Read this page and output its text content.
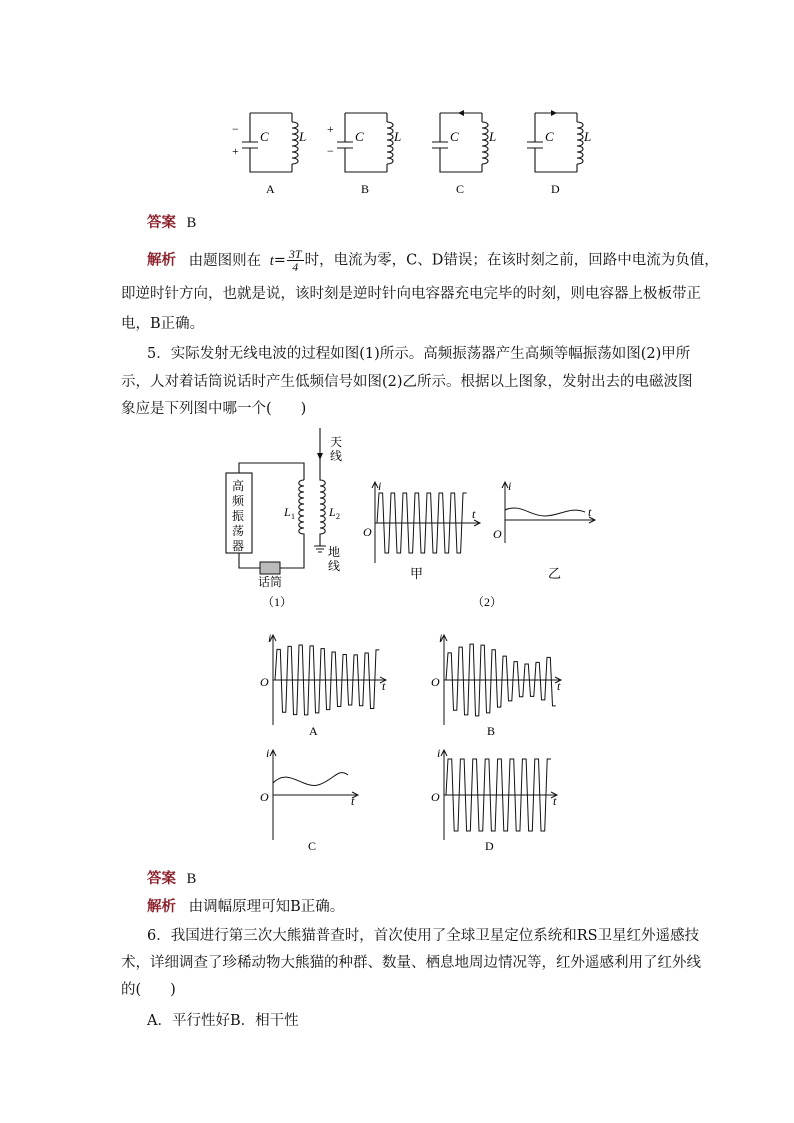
C L	C L	C L	C L
−
+
+
−
A	B	C	D
答案 B
解析 由题图则在 $t= \frac{3T}{4}$ 时，电流为零，C、D错误；在该时刻之前，回路中电流为负值，
即逆时针方向，也就是说，该时刻是逆时针向电容器充电完毕的时刻，则电容器上极板带正
电，B正确。
5．实际发射无线电波的过程如图(1)所示。高频振荡器产生高频等幅振荡如图(2)甲所
示，人对着话筒说话时产生低频信号如图(2)乙所示。根据以上图象，发射出去的电磁波图
象应是下列图中哪一个(　　)
高
频
振
荡
器
话筒
天
线
地
线
L 1	L 2
（1）
i
t
O
i
t
O
甲	乙
（2）
i
t
O
A
i
t
O
B
i
t
O
C
i
t
O
D
答案 B
解析 由调幅原理可知B正确。
6．我国进行第三次大熊猫普查时，首次使用了全球卫星定位系统和RS卫星红外遥感技
术，详细调查了珍稀动物大熊猫的种群、数量、栖息地周边情况等，红外遥感利用了红外线
的(　　)
A．平行性好B．相干性
